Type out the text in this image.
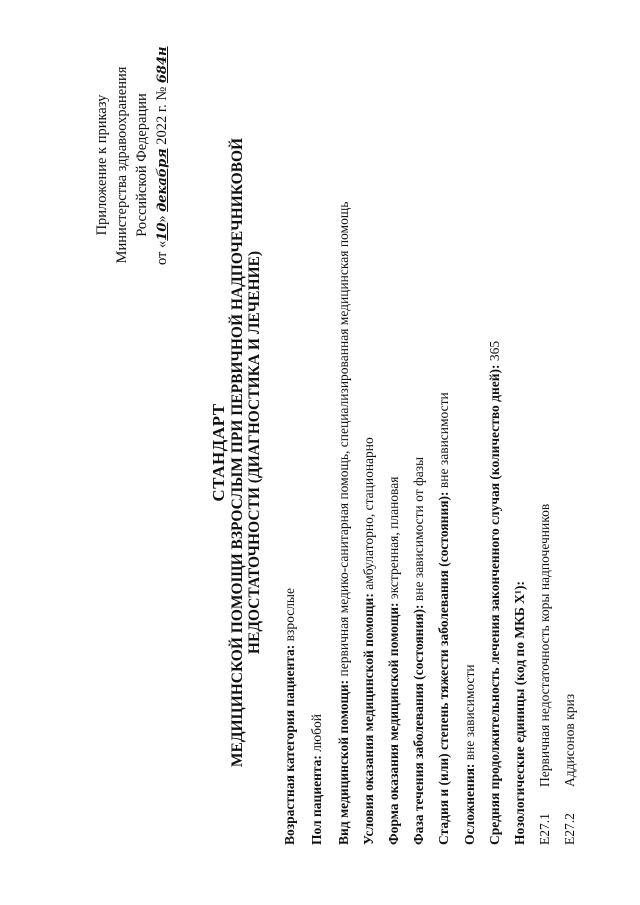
Приложение к приказу Министерства здравоохранения Российской Федерации
от «10» декабря 2022 г. № 684н
СТАНДАРТ МЕДИЦИНСКОЙ ПОМОЩИ ВЗРОСЛЫМ ПРИ ПЕРВИЧНОЙ НАДПОЧЕЧНИКОВОЙ НЕДОСТАТОЧНОСТИ (ДИАГНОСТИКА И ЛЕЧЕНИЕ)
Возрастная категория пациента: взрослые
Пол пациента: любой Вид медицинской помощи: первичная медико-санитарная помощь, специализированная медицинская помощь
Условия оказания медицинской помощи: амбулаторно, стационарно
Форма оказания медицинской помощи: экстренная, плановая
Фаза течения заболевания (состояния): вне зависимости от фазы Стадия и (или) степень тяжести заболевания (состояния): вне зависимости
Осложнения: вне зависимости Средняя продолжительность лечения законченного случая (количество дней): 365
Нозологические единицы (код по МКБ X¹): E27.1Первичная недостаточность коры надпочечников
E27.2Аддисонов криз
